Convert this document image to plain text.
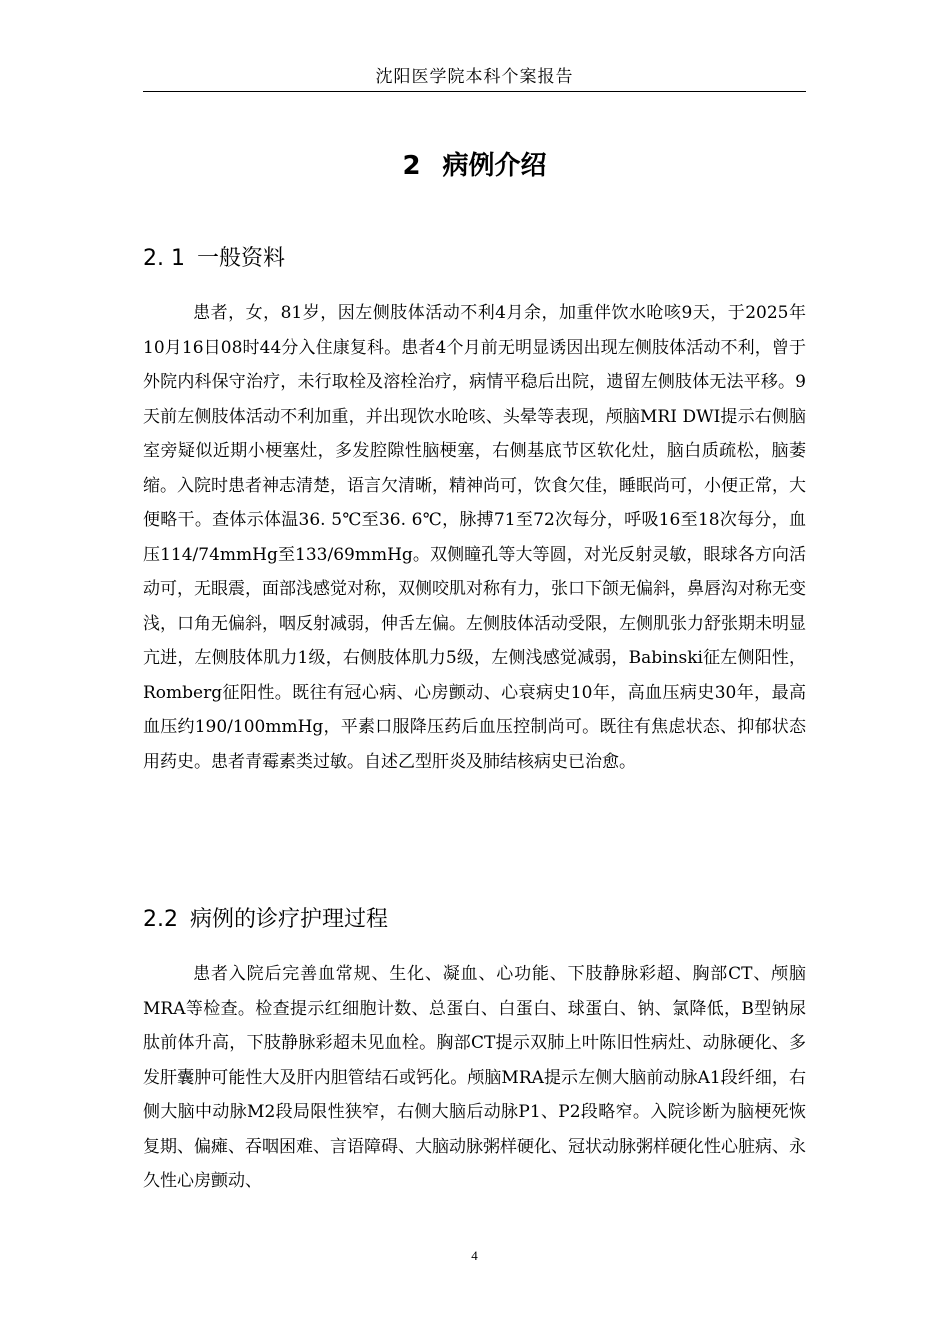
沈阳医学院本科个案报告
2 病例介绍
2. 1 一般资料

患者，女，81岁，因左侧肢体活动不利4月余，加重伴饮水呛咳9天，于2025年10月16日08时44分入住康复科。患者4个月前无明显诱因出现左侧肢体活动不利，曾于外院内科保守治疗，未行取栓及溶栓治疗，病情平稳后出院，遗留左侧肢体无法平移。9天前左侧肢体活动不利加重，并出现饮水呛咳、头晕等表现，颅脑MRI DWI提示右侧脑室旁疑似近期小梗塞灶，多发腔隙性脑梗塞，右侧基底节区软化灶，脑白质疏松，脑萎缩。入院时患者神志清楚，语言欠清晰，精神尚可，饮食欠佳，睡眠尚可，小便正常，大便略干。查体示体温36. 5℃至36. 6℃，脉搏71至72次每分，呼吸16至18次每分，血压114/74mmHg至133/69mmHg。双侧瞳孔等大等圆，对光反射灵敏，眼球各方向活动可，无眼震，面部浅感觉对称，双侧咬肌对称有力，张口下颌无偏斜，鼻唇沟对称无变浅，口角无偏斜，咽反射减弱，伸舌左偏。左侧肢体活动受限，左侧肌张力舒张期未明显亢进，左侧肢体肌力1级，右侧肢体肌力5级，左侧浅感觉减弱，Babinski征左侧阳性，Romberg征阳性。既往有冠心病、心房颤动、心衰病史10年，高血压病史30年，最高血压约190/100mmHg，平素口服降压药后血压控制尚可。既往有焦虑状态、抑郁状态用药史。患者青霉素类过敏。自述乙型肝炎及肺结核病史已治愈。

2.2 病例的诊疗护理过程

患者入院后完善血常规、生化、凝血、心功能、下肢静脉彩超、胸部CT、颅脑MRA等检查。检查提示红细胞计数、总蛋白、白蛋白、球蛋白、钠、氯降低，B型钠尿肽前体升高，下肢静脉彩超未见血栓。胸部CT提示双肺上叶陈旧性病灶、动脉硬化、多发肝囊肿可能性大及肝内胆管结石或钙化。颅脑MRA提示左侧大脑前动脉A1段纤细，右侧大脑中动脉M2段局限性狭窄，右侧大脑后动脉P1、P2段略窄。入院诊断为脑梗死恢复期、偏瘫、吞咽困难、言语障碍、大脑动脉粥样硬化、冠状动脉粥样硬化性心脏病、永久性心房颤动、

4
